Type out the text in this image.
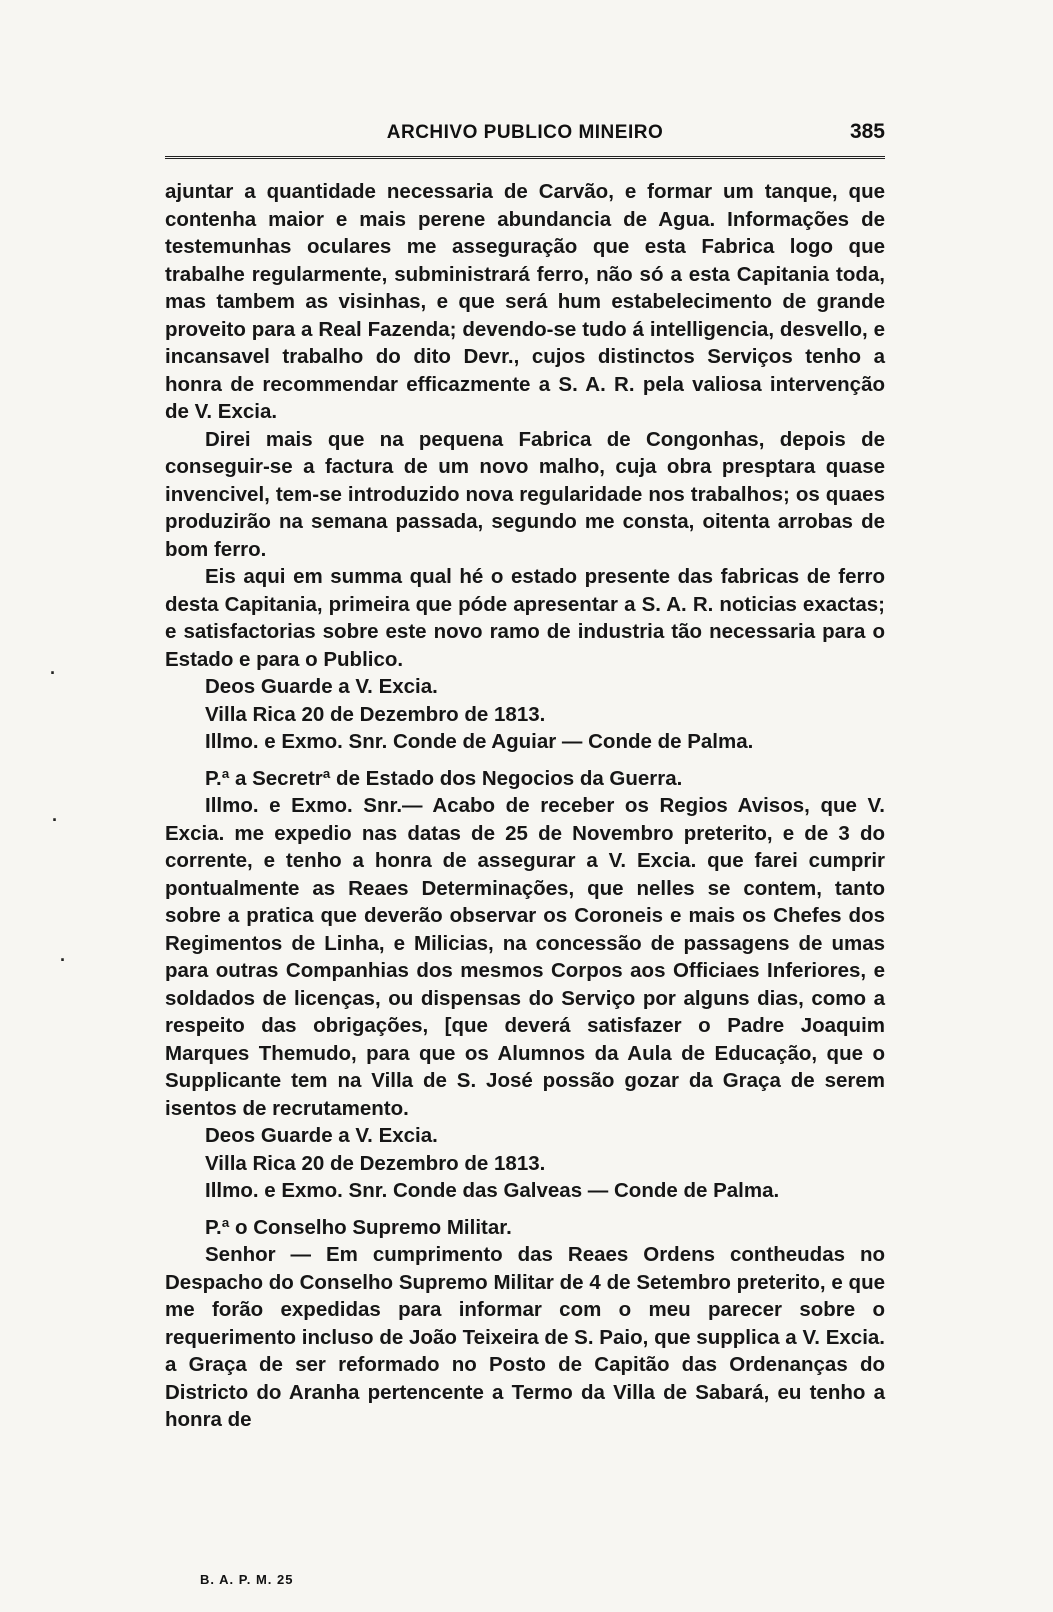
ARCHIVO PUBLICO MINEIRO	385

ajuntar a quantidade necessaria de Carvão, e formar um tanque, que contenha maior e mais perene abundancia de Agua. Informações de testemunhas oculares me asseguração que esta Fabrica logo que trabalhe regularmente, subministrará ferro, não só a esta Capitania toda, mas tambem as visinhas, e que será hum estabelecimento de grande proveito para a Real Fazenda; devendo-se tudo á intelligencia, desvello, e incansavel trabalho do dito Devr., cujos distinctos Serviços tenho a honra de recommendar efficazmente a S. A. R. pela valiosa intervenção de V. Excia.

Direi mais que na pequena Fabrica de Congonhas, depois de conseguir-se a factura de um novo malho, cuja obra presptara quase invencivel, tem-se introduzido nova regularidade nos trabalhos; os quaes produzirão na semana passada, segundo me consta, oitenta arrobas de bom ferro.

Eis aqui em summa qual hé o estado presente das fabricas de ferro desta Capitania, primeira que póde apresentar a S. A. R. noticias exactas; e satisfactorias sobre este novo ramo de industria tão necessaria para o Estado e para o Publico.

Deos Guarde a V. Excia.

Villa Rica 20 de Dezembro de 1813.

Illmo. e Exmo. Snr. Conde de Aguiar — Conde de Palma.

P.ª a Secretrª de Estado dos Negocios da Guerra.

Illmo. e Exmo. Snr.— Acabo de receber os Regios Avisos, que V. Excia. me expedio nas datas de 25 de Novembro preterito, e de 3 do corrente, e tenho a honra de assegurar a V. Excia. que farei cumprir pontualmente as Reaes Determinações, que nelles se contem, tanto sobre a pratica que deverão observar os Coroneis e mais os Chefes dos Regimentos de Linha, e Milicias, na concessão de passagens de umas para outras Companhias dos mesmos Corpos aos Officiaes Inferiores, e soldados de licenças, ou dispensas do Serviço por alguns dias, como a respeito das obrigações, [que deverá satisfazer o Padre Joaquim Marques Themudo, para que os Alumnos da Aula de Educação, que o Supplicante tem na Villa de S. José possão gozar da Graça de serem isentos de recrutamento.

Deos Guarde a V. Excia.

Villa Rica 20 de Dezembro de 1813.

Illmo. e Exmo. Snr. Conde das Galveas — Conde de Palma.

P.ª o Conselho Supremo Militar.

Senhor — Em cumprimento das Reaes Ordens contheudas no Despacho do Conselho Supremo Militar de 4 de Setembro preterito, e que me forão expedidas para informar com o meu parecer sobre o requerimento incluso de João Teixeira de S. Paio, que supplica a V. Excia. a Graça de ser reformado no Posto de Capitão das Ordenanças do Districto do Aranha pertencente a Termo da Villa de Sabará, eu tenho a honra de

B. A. P. M. 25
·
·
·
